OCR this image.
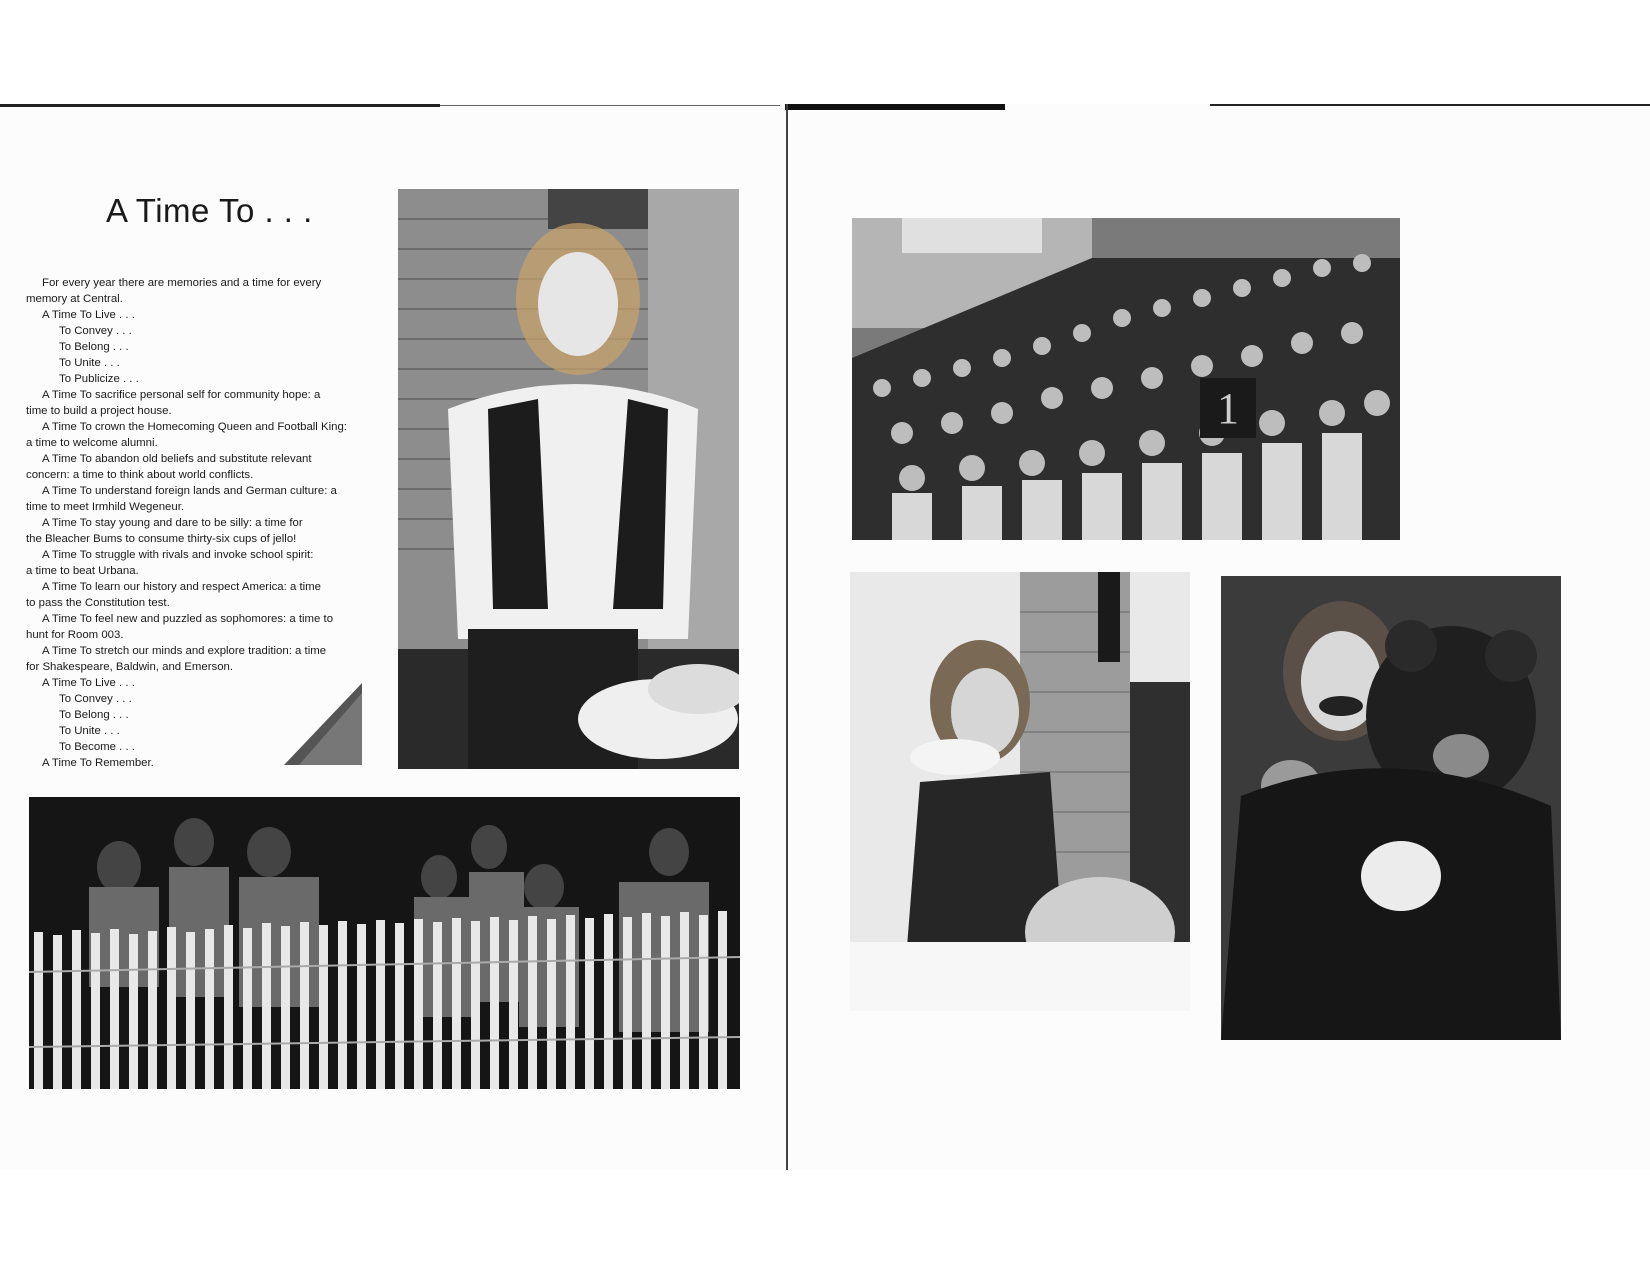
A Time To . . .

For every year there are memories and a time for every

memory at Central.

A Time To Live . . .

To Convey . . .

To Belong . . .

To Unite . . .

To Publicize . . .

A Time To sacrifice personal self for community hope: a

time to build a project house.

A Time To crown the Homecoming Queen and Football King:

a time to welcome alumni.

A Time To abandon old beliefs and substitute relevant

concern: a time to think about world conflicts.

A Time To understand foreign lands and German culture: a

time to meet Irmhild Wegeneur.

A Time To stay young and dare to be silly: a time for

the Bleacher Bums to consume thirty-six cups of jello!

A Time To struggle with rivals and invoke school spirit:

a time to beat Urbana.

A Time To learn our history and respect America: a time

to pass the Constitution test.

A Time To feel new and puzzled as sophomores: a time to

hunt for Room 003.

A Time To stretch our minds and explore tradition: a time

for Shakespeare, Baldwin, and Emerson.

A Time To Live . . .

To Convey . . .

To Belong . . .

To Unite . . .

To Become . . .

A Time To Remember.

1
